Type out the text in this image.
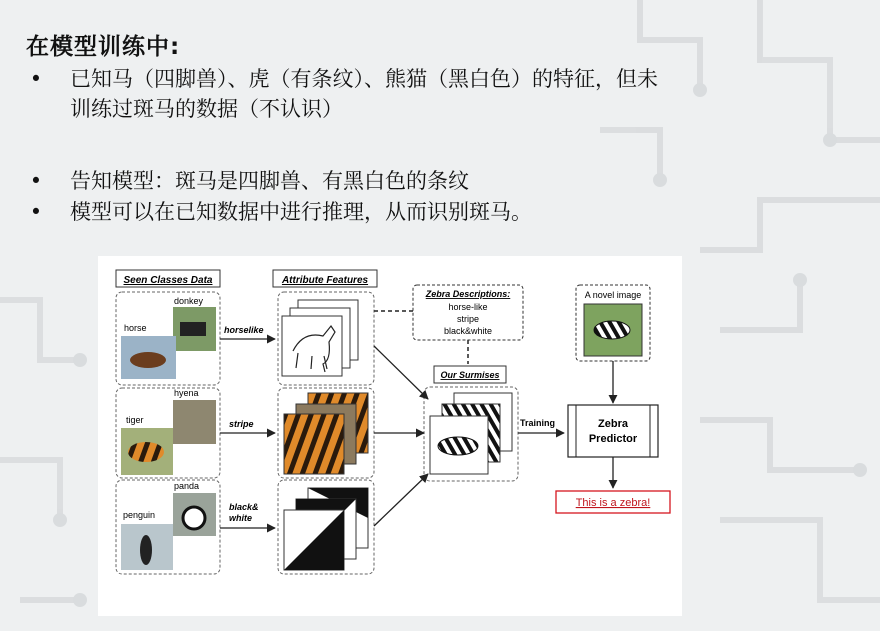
在模型训练中:
• 已知马（四脚兽）、虎（有条纹）、熊猫（黑白色）的特征，但未
训练过斑马的数据（不认识）
• 告知模型：斑马是四脚兽、有黑白色的条纹
• 模型可以在已知数据中进行推理，从而识别斑马。
Seen Classes Data	Attribute Features
donkey
horse
hyena
tiger
panda
penguin
horselike
stripe
black&
white
Zebra Descriptions:
horse-like
stripe
black&white
Our Surmises
Training
A novel image
Zebra
Predictor
This is a zebra!
